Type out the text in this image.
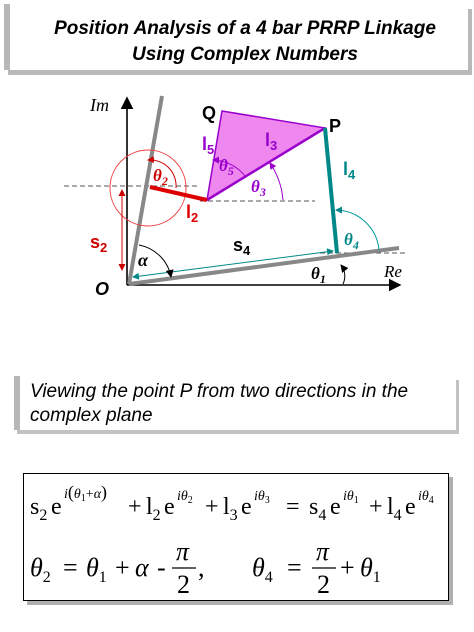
Position Analysis of a 4 bar PRRP Linkage
Using Complex Numbers
Im
Re
O
Q
P
α
$\theta_1$
$\theta_2$	$\theta_3$
$\theta_4$
$\theta_5$
$l_2$
$l_3$
$l_4$
$l_5$
$s_2$	$s_4$
Viewing the point P from two directions in the
complex plane
$s_2$ e $i(\theta_1+\alpha)$
+ $l_2$ e $i\theta_2 + l_3$ e $i\theta_3 = s_4$ e $i\theta_1 + l_4$ e $i\theta_4$
$\theta_2 = \theta_1 + \alpha$ -
π
2
, $\theta_4$ =
π
2
+ $\theta_1$
